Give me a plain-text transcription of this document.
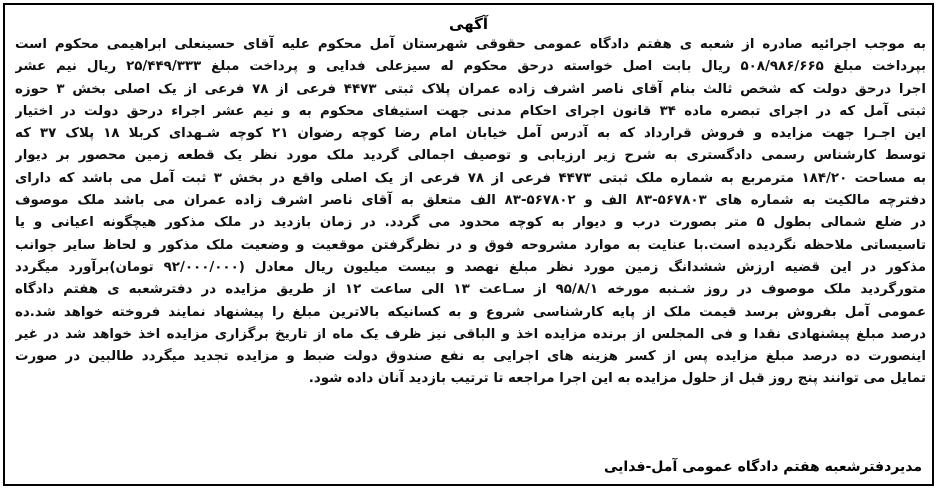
آگهی
به موجب اجرائیه صادره از شعبه ی هفتم دادگاه عمومی حقوقی شهرستان آمل محکوم علیه آقای حسینعلی ابراهیمی محکوم است
بپرداخت مبلغ ۵۰۸/۹۸۶/۶۶۵ ریال بابت اصل خواسته درحق محکوم له سیزعلی فدایی و پرداخت مبلغ ۲۵/۴۴۹/۳۳۳ ریال نیم عشر
اجرا درحق دولت که شخص ثالث بنام آقای ناصر اشرف زاده عمران پلاک ثبتی ۴۴۷۳ فرعی از ۷۸ فرعی از یک اصلی بخش ۳ حوزه
ثبتی آمل که در اجرای تبصره ماده ۳۴ قانون اجرای احکام مدنی جهت استیفای محکوم به و نیم عشر اجراء درحق دولت در اختیار
این اجـرا جهت مزایده و فروش قرارداد که به آدرس آمل خیابان امام رضا کوچه رضوان ۲۱ کوچه شـهدای کربلا ۱۸ پلاک ۳۷ که
توسط کارشناس رسمی دادگستری به شرح زیر ارزیابی و توصیف اجمالی گردید ملک مورد نظر یک قطعه زمین محصور بر دیوار
به مساحت ۱۸۴/۲۰ مترمربع به شماره ملک ثبتی ۴۴۷۳ فرعی از ۷۸ فرعی از یک اصلی واقع در بخش ۳ ثبت آمل می باشد که دارای
دفترچه مالکیت به شماره های ۵۶۷۸۰۳-۸۳ الف و ۵۶۷۸۰۲-۸۳ الف متعلق به آقای ناصر اشرف زاده عمران می باشد ملک موصوف
در ضلع شمالی بطول ۵ متر بصورت درب و دیوار به کوچه محدود می گردد. در زمان بازدید در ملک مذکور هیچگونه اعیانی و یا
تاسیساتی ملاحظه نگردیده است.با عنایت به موارد مشروحه فوق و در نظرگرفتن موقعیت و وضعیت ملک مذکور و لحاظ سایر جوانب
مذکور در این قضیه ارزش ششدانگ زمین مورد نظر مبلغ نهصد و بیست میلیون ریال معادل (۹۲/۰۰۰/۰۰۰ تومان)برآورد میگردد
متورگردید ملک موصوف در روز شـنبه مورخه ۹۵/۸/۱ از سـاعت ۱۳ الی ساعت ۱۲ از طریق مزایده در دفترشعبه ی هفتم دادگاه
عمومی آمل بفروش برسد قیمت ملک از پایه کارشناسی شروع و به کسانیکه بالاترین مبلغ را پیشنهاد نمایند فروخته خواهد شد.ده
درصد مبلغ پیشنهادی نقدا و فی المجلس از برنده مزایده اخذ و الباقی نیز ظرف یک ماه از تاریخ برگزاری مزایده اخذ خواهد شد در غیر
اینصورت ده درصد مبلغ مزایده پس از کسر هزینه های اجرایی به نفع صندوق دولت ضبط و مزایده تجدید میگردد طالبین در صورت
تمایل می توانند پنج روز قبل از حلول مزایده به این اجرا مراجعه تا ترتیب بازدید آنان داده شود.
مدیردفترشعبه هفتم دادگاه عمومی آمل-فدایی
